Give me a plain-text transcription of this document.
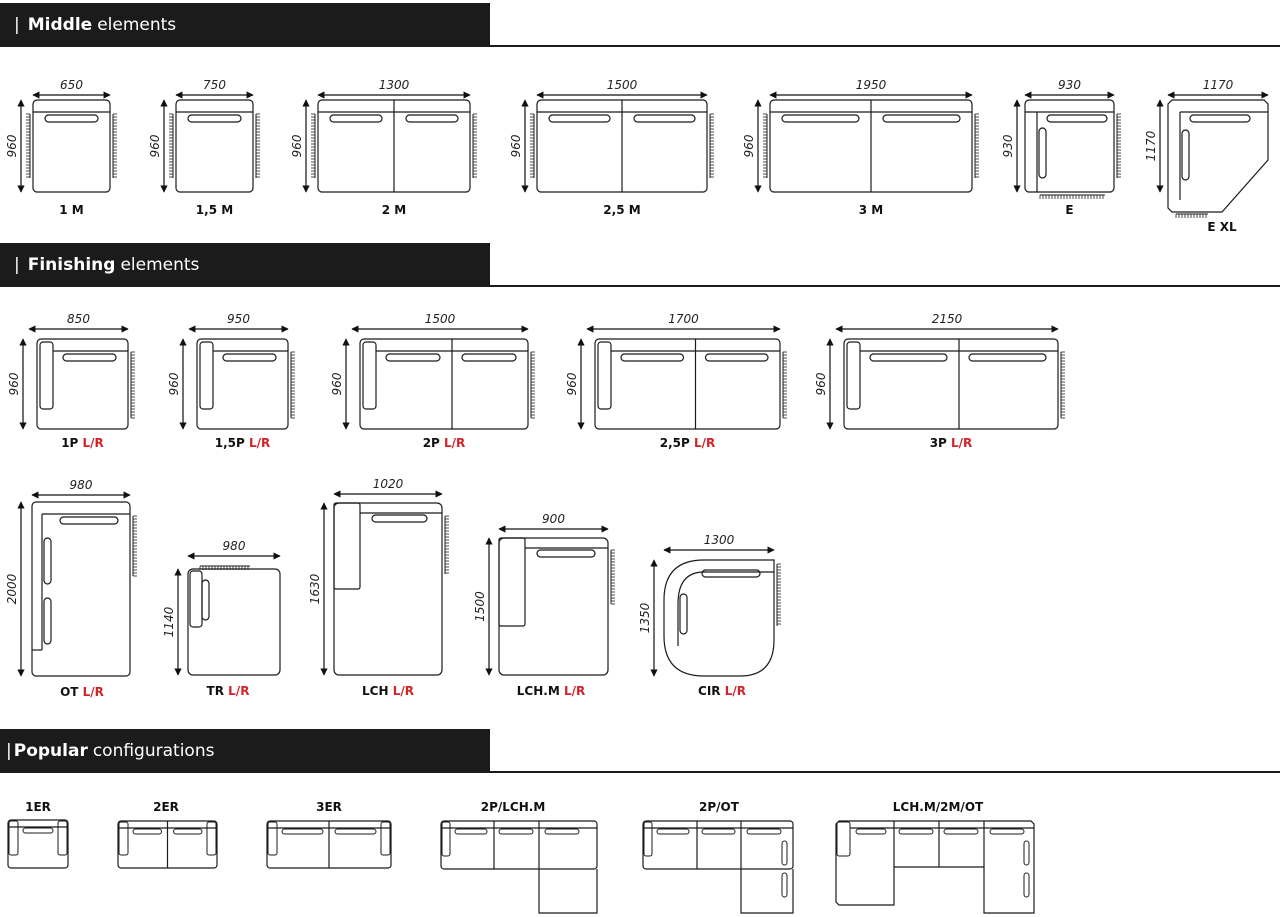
| Middle elements
| Finishing elements
| Popular configurations
650
960
1 M
750
960
1,5 M
1300
960
2 M
1500
960
2,5 M
1950
960
3 M
930
930
E
1170
1170
E XL
850
960
1P L/R
950
960
1,5P L/R
1500
960
2P L/R
1700
960
2,5P L/R
2150
960
3P L/R
980
2000
OT L/R
980
1140
TR L/R
1020
1630
LCH L/R
900
1500
LCH.M L/R
1300
1350
CIR L/R
1ER	2ER	3ER	2P/LCH.M	2P/OT	LCH.M/2M/OT
